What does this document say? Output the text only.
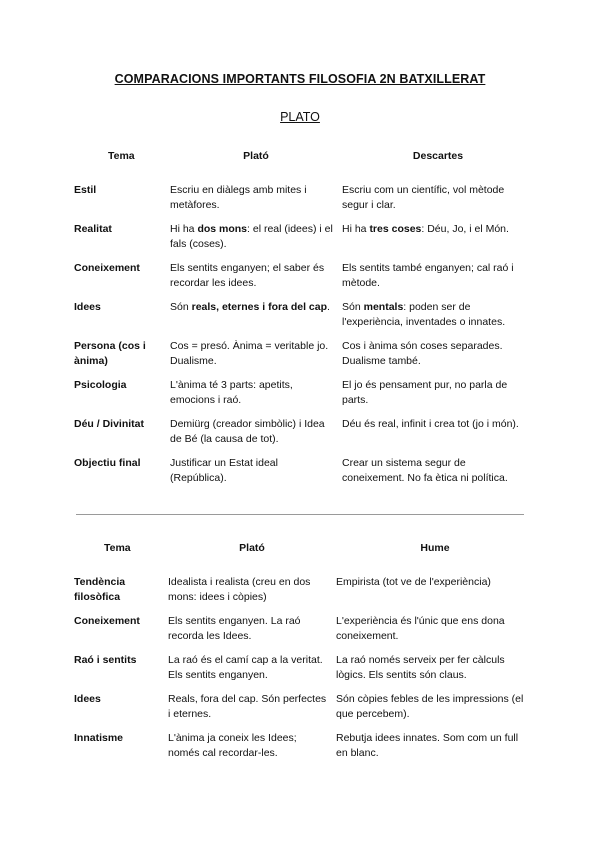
COMPARACIONS IMPORTANTS FILOSOFIA 2N BATXILLERAT
PLATO
Tema	Plató	Descartes

Estil	Escriu en diàlegs amb mites i metàfores.	Escriu com un científic, vol mètode segur i clar.
Realitat	Hi ha dos mons: el real (idees) i el fals (coses).	Hi ha tres coses: Déu, Jo, i el Món.
Coneixement	Els sentits enganyen; el saber és recordar les idees.	Els sentits també enganyen; cal raó i mètode.
Idees	Són reals, eternes i fora del cap.	Són mentals: poden ser de l'experiència, inventades o innates.
Persona (cos i ànima)	Cos = presó. Ànima = veritable jo. Dualisme.	Cos i ànima són coses separades. Dualisme també.
Psicologia	L'ànima té 3 parts: apetits, emocions i raó.	El jo és pensament pur, no parla de parts.
Déu / Divinitat	Demiürg (creador simbòlic) i Idea de Bé (la causa de tot).	Déu és real, infinit i crea tot (jo i món).
Objectiu final	Justificar un Estat ideal (República).	Crear un sistema segur de coneixement. No fa ètica ni política.
Tema	Plató	Hume

Tendència filosòfica	Idealista i realista (creu en dos mons: idees i còpies)	Empirista (tot ve de l'experiència)
Coneixement	Els sentits enganyen. La raó recorda les Idees.	L'experiència és l'únic que ens dona coneixement.
Raó i sentits	La raó és el camí cap a la veritat. Els sentits enganyen.	La raó només serveix per fer càlculs lògics. Els sentits són claus.
Idees	Reals, fora del cap. Són perfectes i eternes.	Són còpies febles de les impressions (el que percebem).
Innatisme	L'ànima ja coneix les Idees; només cal recordar-les.	Rebutja idees innates. Som com un full en blanc.
